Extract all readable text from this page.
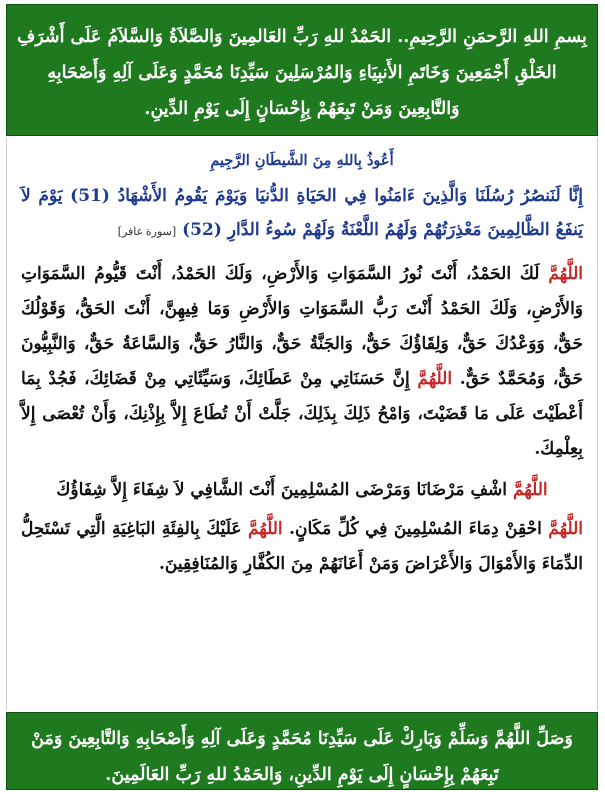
بِسمِ اللهِ الرَّحمَنِ الرَّحِيمِ.. الحَمْدُ للهِ رَبِّ العَالمِينَ وَالصَّلاَةُ وَالسَّلاَمُ عَلَى أَشْرَفِ الخَلْقِ أَجْمَعِينَ وَخَاتَمِ الأَنبِيَاءِ وَالمُرْسَلِينَ سَيِّدِنَا مُحَمَّدٍ وَعَلَى آلِهِ وَأَصْحَابِهِ وَالتَّابِعِينَ وَمَنْ تَبِعَهُمْ بِإِحْسَانٍ إِلَى يَوْمِ الدِّينِ.

أَعُوذُ بِاللهِ مِنَ الشَّيطَانِ الرَّجِيمِ

إِنَّا لَنَنصُرُ رُسُلَنَا وَالَّذِينَ ءَامَنُوا فِي الحَيَاةِ الدُّنيَا وَيَوْمَ يَقُومُ الأَشْهَادُ (51) يَوْمَ لاَ يَنفَعُ الظَّالِمِينَ مَعْذِرَتُهُمْ وَلَهُمُ اللَّعْنَةُ وَلَهُمْ سُوءُ الدَّارِ (52) [سورة غافر]

اللَّهُمَّ لَكَ الحَمْدُ، أَنْتَ نُورُ السَّمَوَاتِ وَالأَرْضِ، وَلَكَ الحَمْدُ، أَنْتَ قَيُّومُ السَّمَوَاتِ وَالأَرْضِ، وَلَكَ الحَمْدُ أَنْتَ رَبُّ السَّمَوَاتِ وَالأَرْضِ وَمَا فِيهِنَّ، أَنْتَ الحَقُّ، وَقَوْلُكَ حَقٌّ، وَوَعْدُكَ حَقٌّ، وَلِقَاؤُكَ حَقٌّ، وَالجَنَّةُ حَقٌّ، وَالنَّارُ حَقٌّ، وَالسَّاعَةُ حَقٌّ، وَالنَّبِيُّونَ حَقٌّ، وَمُحَمَّدٌ حَقٌّ. اللَّهُمَّ إِنَّ حَسَنَاتِي مِنْ عَطَائِكَ، وَسَيِّئَاتِي مِنْ قَضَائِكَ، فَجُدْ بِمَا أَعْطَيْتَ عَلَى مَا قَضَيْتَ، وَامْحُ ذَلِكَ بِذَلِكَ، جَلَّتْ أَنْ تُطَاعَ إِلاَّ بِإِذْنِكَ، وَأَنْ تُعْصَى إِلاَّ بِعِلْمِكَ.

اللَّهُمَّ اشْفِ مَرْضَانَا وَمَرْضَى المُسْلِمِينَ أَنْتَ الشَّافِي لاَ شِفَاءَ إِلاَّ شِفَاؤُكَ

اللَّهُمَّ احْقِنْ دِمَاءَ المُسْلِمِينَ فِي كُلِّ مَكَانٍ. اللَّهُمَّ عَلَيْكَ بِالفِئَةِ البَاغِيَةِ الَّتِي تَسْتَحِلُّ الدِّمَاءَ وَالأَمْوَالَ وَالأَعْرَاضَ وَمَنْ أَعَانَهُمْ مِنَ الكُفَّارِ وَالمُنَافِقِينَ.

وَصَلِّ اللَّهُمَّ وَسَلِّمْ وَبَارِكْ عَلَى سَيِّدِنَا مُحَمَّدٍ وَعَلَى آلِهِ وَأَصْحَابِهِ وَالتَّابِعِينَ وَمَنْ تَبِعَهُمْ بِإِحْسَانٍ إِلَى يَوْمِ الدِّينِ، وَالحَمْدُ للهِ رَبِّ العَالَمِينَ.
